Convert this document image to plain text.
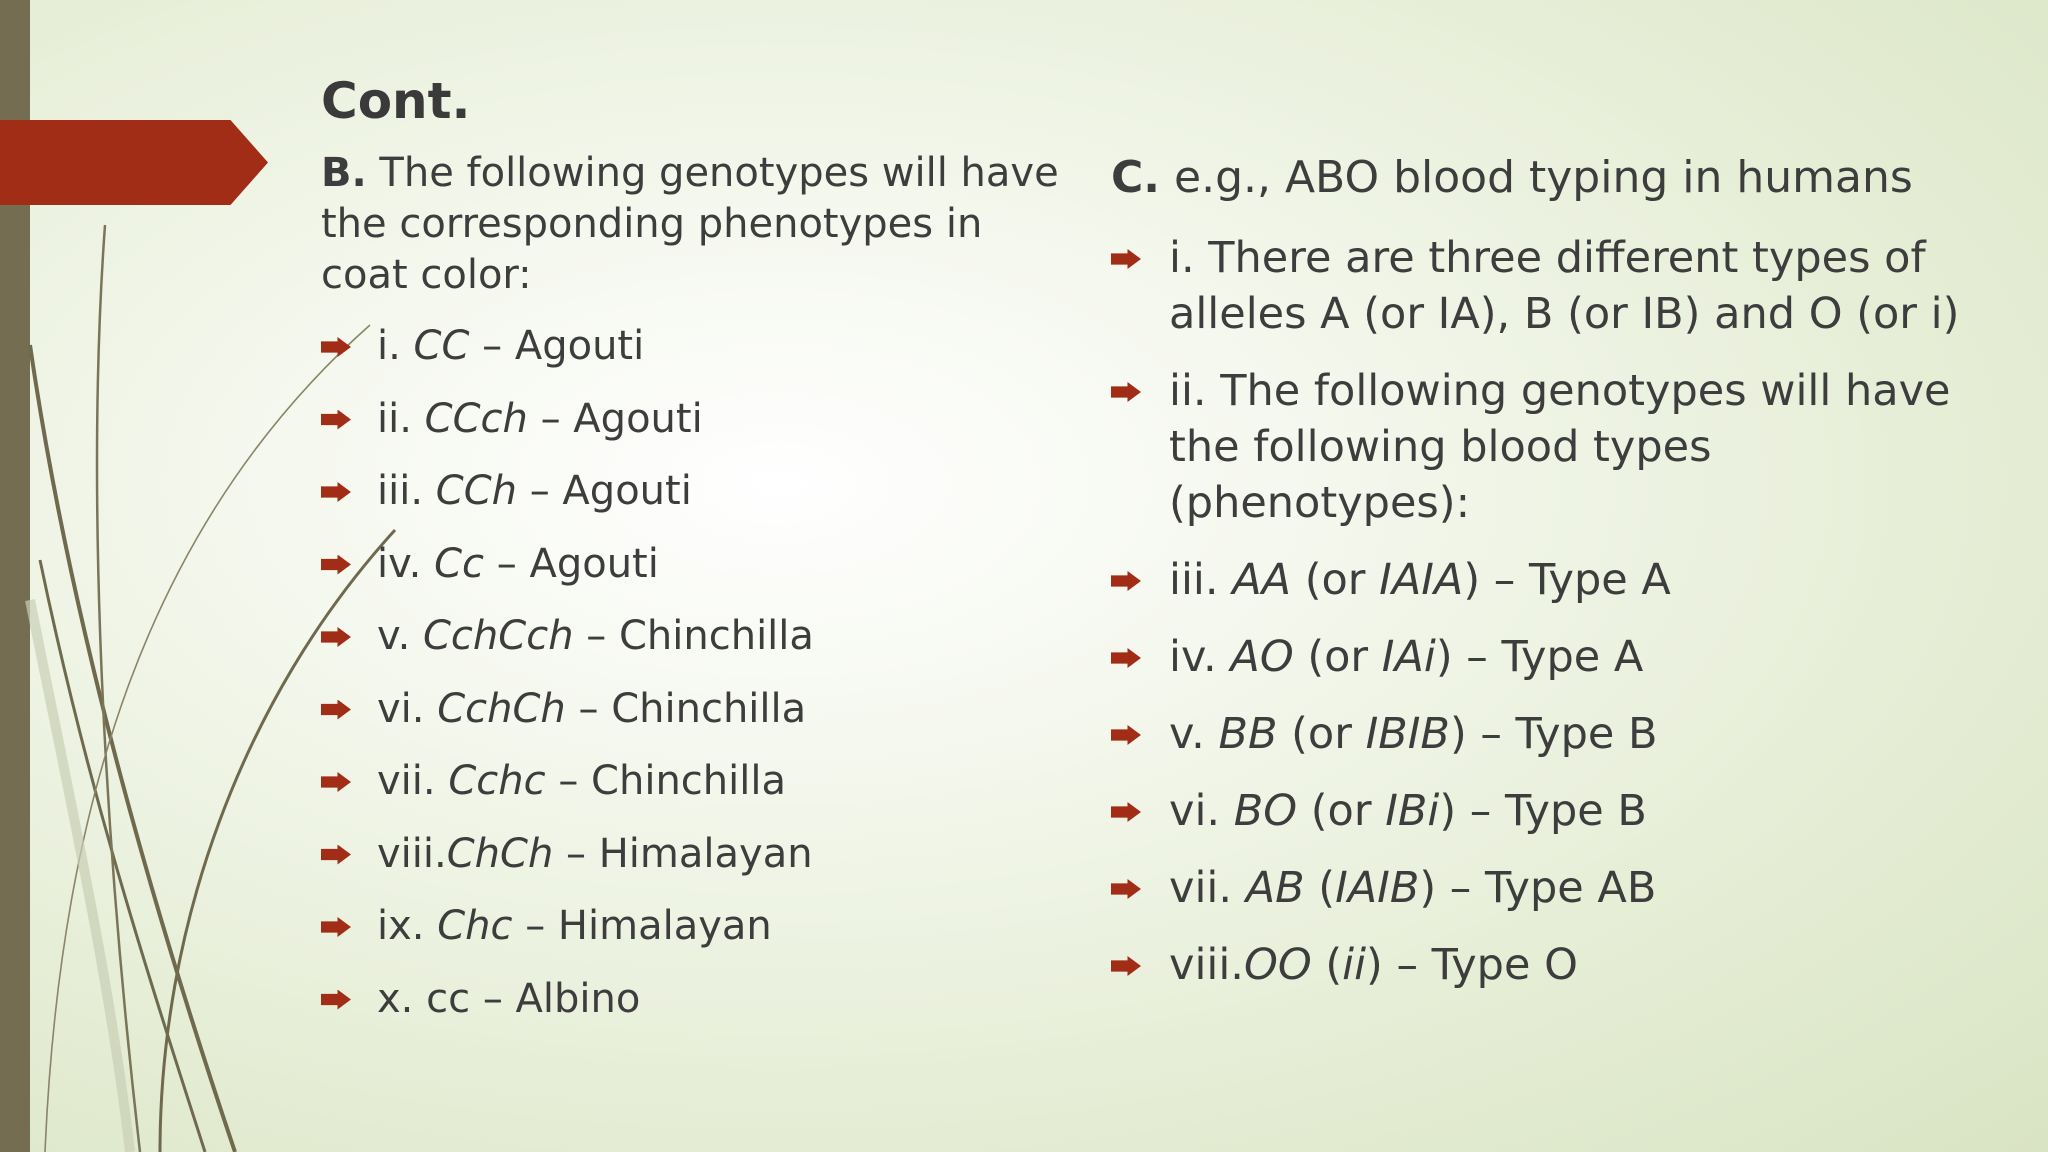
Cont.

B. The following genotypes will have the corresponding phenotypes in coat color:

i. CC – Agouti
ii. CCch – Agouti
iii. CCh – Agouti
iv. Cc – Agouti
v. CchCch – Chinchilla
vi. CchCh – Chinchilla
vii. Cchc – Chinchilla
viii.ChCh – Himalayan
ix. Chc – Himalayan
x. cc – Albino

C. e.g., ABO blood typing in humans

i. There are three different types of alleles A (or IA), B (or IB) and O (or i)
ii. The following genotypes will have the following blood types (phenotypes):
iii. AA (or IAIA) – Type A
iv. AO (or IAi) – Type A
v. BB (or IBIB) – Type B
vi. BO (or IBi) – Type B
vii. AB (IAIB) – Type AB
viii.OO (ii) – Type O
